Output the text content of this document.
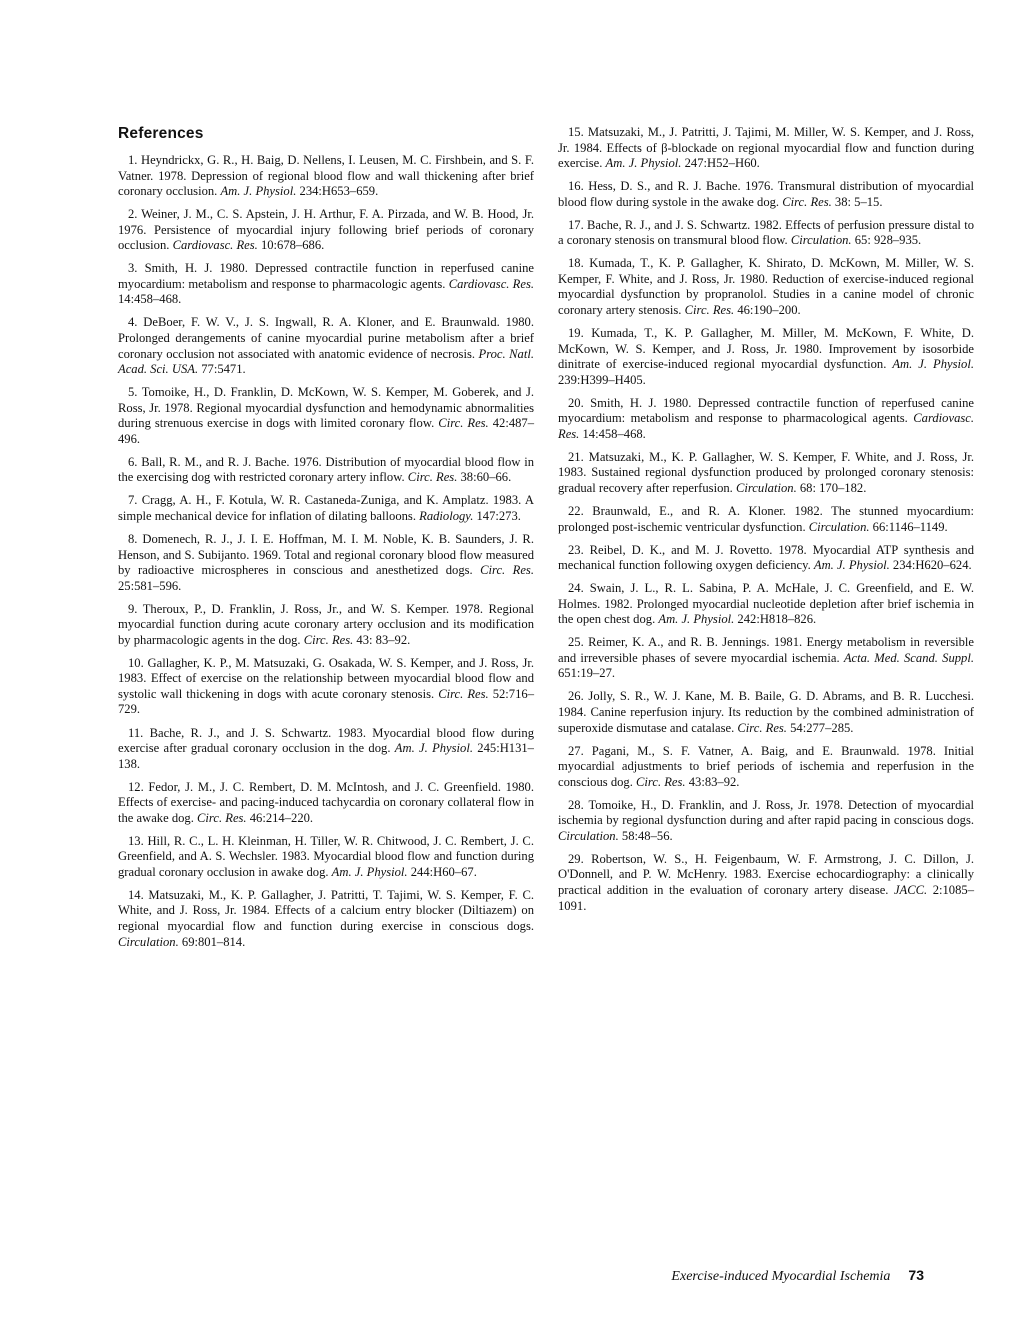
References

1. Heyndrickx, G. R., H. Baig, D. Nellens, I. Leusen, M. C. Firshbein, and S. F. Vatner. 1978. Depression of regional blood flow and wall thickening after brief coronary occlusion. Am. J. Physiol. 234:H653–659.

2. Weiner, J. M., C. S. Apstein, J. H. Arthur, F. A. Pirzada, and W. B. Hood, Jr. 1976. Persistence of myocardial injury following brief periods of coronary occlusion. Cardiovasc. Res. 10:678–686.

3. Smith, H. J. 1980. Depressed contractile function in reperfused canine myocardium: metabolism and response to pharmacologic agents. Cardiovasc. Res. 14:458–468.

4. DeBoer, F. W. V., J. S. Ingwall, R. A. Kloner, and E. Braunwald. 1980. Prolonged derangements of canine myocardial purine metabolism after a brief coronary occlusion not associated with anatomic evidence of necrosis. Proc. Natl. Acad. Sci. USA. 77:5471.

5. Tomoike, H., D. Franklin, D. McKown, W. S. Kemper, M. Goberek, and J. Ross, Jr. 1978. Regional myocardial dysfunction and hemodynamic abnormalities during strenuous exercise in dogs with limited coronary flow. Circ. Res. 42:487–496.

6. Ball, R. M., and R. J. Bache. 1976. Distribution of myocardial blood flow in the exercising dog with restricted coronary artery inflow. Circ. Res. 38:60–66.

7. Cragg, A. H., F. Kotula, W. R. Castaneda-Zuniga, and K. Amplatz. 1983. A simple mechanical device for inflation of dilating balloons. Radiology. 147:273.

8. Domenech, R. J., J. I. E. Hoffman, M. I. M. Noble, K. B. Saunders, J. R. Henson, and S. Subijanto. 1969. Total and regional coronary blood flow measured by radioactive microspheres in conscious and anesthetized dogs. Circ. Res. 25:581–596.

9. Theroux, P., D. Franklin, J. Ross, Jr., and W. S. Kemper. 1978. Regional myocardial function during acute coronary artery occlusion and its modification by pharmacologic agents in the dog. Circ. Res. 43: 83–92.

10. Gallagher, K. P., M. Matsuzaki, G. Osakada, W. S. Kemper, and J. Ross, Jr. 1983. Effect of exercise on the relationship between myocardial blood flow and systolic wall thickening in dogs with acute coronary stenosis. Circ. Res. 52:716–729.

11. Bache, R. J., and J. S. Schwartz. 1983. Myocardial blood flow during exercise after gradual coronary occlusion in the dog. Am. J. Physiol. 245:H131–138.

12. Fedor, J. M., J. C. Rembert, D. M. McIntosh, and J. C. Greenfield. 1980. Effects of exercise- and pacing-induced tachycardia on coronary collateral flow in the awake dog. Circ. Res. 46:214–220.

13. Hill, R. C., L. H. Kleinman, H. Tiller, W. R. Chitwood, J. C. Rembert, J. C. Greenfield, and A. S. Wechsler. 1983. Myocardial blood flow and function during gradual coronary occlusion in awake dog. Am. J. Physiol. 244:H60–67.

14. Matsuzaki, M., K. P. Gallagher, J. Patritti, T. Tajimi, W. S. Kemper, F. C. White, and J. Ross, Jr. 1984. Effects of a calcium entry blocker (Diltiazem) on regional myocardial flow and function during exercise in conscious dogs. Circulation. 69:801–814.

15. Matsuzaki, M., J. Patritti, J. Tajimi, M. Miller, W. S. Kemper, and J. Ross, Jr. 1984. Effects of β-blockade on regional myocardial flow and function during exercise. Am. J. Physiol. 247:H52–H60.

16. Hess, D. S., and R. J. Bache. 1976. Transmural distribution of myocardial blood flow during systole in the awake dog. Circ. Res. 38: 5–15.

17. Bache, R. J., and J. S. Schwartz. 1982. Effects of perfusion pressure distal to a coronary stenosis on transmural blood flow. Circulation. 65: 928–935.

18. Kumada, T., K. P. Gallagher, K. Shirato, D. McKown, M. Miller, W. S. Kemper, F. White, and J. Ross, Jr. 1980. Reduction of exercise-induced regional myocardial dysfunction by propranolol. Studies in a canine model of chronic coronary artery stenosis. Circ. Res. 46:190–200.

19. Kumada, T., K. P. Gallagher, M. Miller, M. McKown, F. White, D. McKown, W. S. Kemper, and J. Ross, Jr. 1980. Improvement by isosorbide dinitrate of exercise-induced regional myocardial dysfunction. Am. J. Physiol. 239:H399–H405.

20. Smith, H. J. 1980. Depressed contractile function of reperfused canine myocardium: metabolism and response to pharmacological agents. Cardiovasc. Res. 14:458–468.

21. Matsuzaki, M., K. P. Gallagher, W. S. Kemper, F. White, and J. Ross, Jr. 1983. Sustained regional dysfunction produced by prolonged coronary stenosis: gradual recovery after reperfusion. Circulation. 68: 170–182.

22. Braunwald, E., and R. A. Kloner. 1982. The stunned myocardium: prolonged post-ischemic ventricular dysfunction. Circulation. 66:1146–1149.

23. Reibel, D. K., and M. J. Rovetto. 1978. Myocardial ATP synthesis and mechanical function following oxygen deficiency. Am. J. Physiol. 234:H620–624.

24. Swain, J. L., R. L. Sabina, P. A. McHale, J. C. Greenfield, and E. W. Holmes. 1982. Prolonged myocardial nucleotide depletion after brief ischemia in the open chest dog. Am. J. Physiol. 242:H818–826.

25. Reimer, K. A., and R. B. Jennings. 1981. Energy metabolism in reversible and irreversible phases of severe myocardial ischemia. Acta. Med. Scand. Suppl. 651:19–27.

26. Jolly, S. R., W. J. Kane, M. B. Baile, G. D. Abrams, and B. R. Lucchesi. 1984. Canine reperfusion injury. Its reduction by the combined administration of superoxide dismutase and catalase. Circ. Res. 54:277–285.

27. Pagani, M., S. F. Vatner, A. Baig, and E. Braunwald. 1978. Initial myocardial adjustments to brief periods of ischemia and reperfusion in the conscious dog. Circ. Res. 43:83–92.

28. Tomoike, H., D. Franklin, and J. Ross, Jr. 1978. Detection of myocardial ischemia by regional dysfunction during and after rapid pacing in conscious dogs. Circulation. 58:48–56.

29. Robertson, W. S., H. Feigenbaum, W. F. Armstrong, J. C. Dillon, J. O'Donnell, and P. W. McHenry. 1983. Exercise echocardiography: a clinically practical addition in the evaluation of coronary artery disease. JACC. 2:1085–1091.

Exercise-induced Myocardial Ischemia 73
